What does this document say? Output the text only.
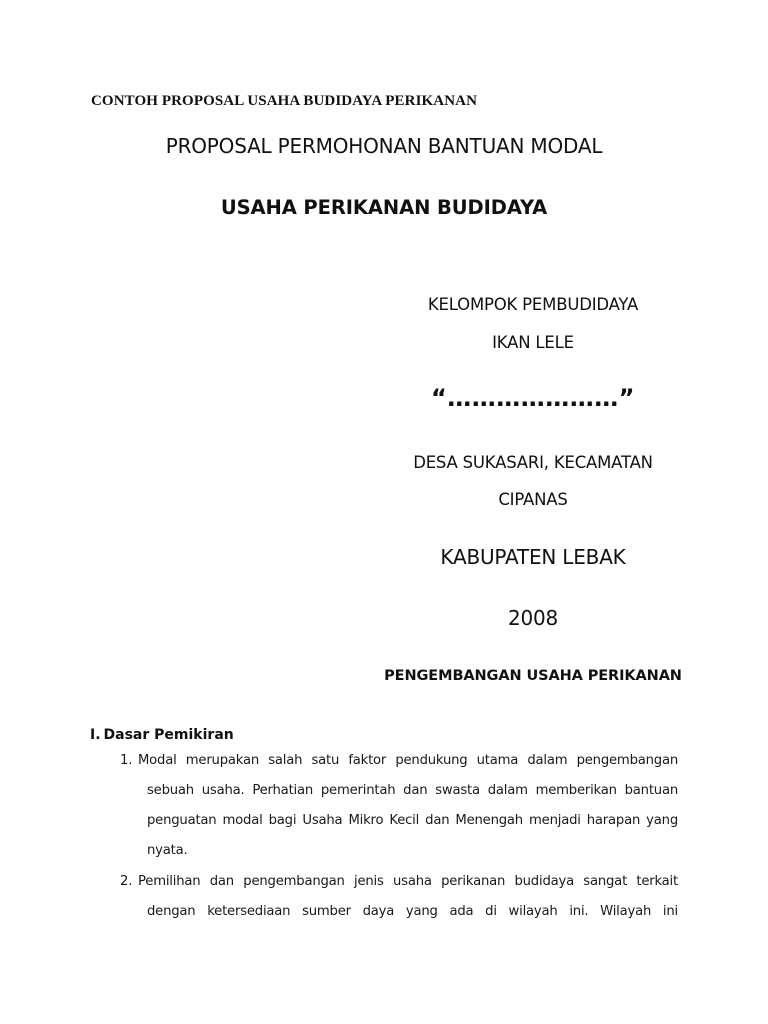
CONTOH PROPOSAL USAHA BUDIDAYA PERIKANAN
PROPOSAL PERMOHONAN BANTUAN MODAL
USAHA PERIKANAN BUDIDAYA
KELOMPOK PEMBUDIDAYA
IKAN LELE
“…………………”
DESA SUKASARI, KECAMATAN
CIPANAS
KABUPATEN LEBAK
2008
PENGEMBANGAN USAHA PERIKANAN
I. Dasar Pemikiran
1. Modal merupakan salah satu faktor pendukung utama dalam pengembangan
sebuah usaha. Perhatian pemerintah dan swasta dalam memberikan bantuan
penguatan modal bagi Usaha Mikro Kecil dan Menengah menjadi harapan yang
nyata.
2. Pemilihan dan pengembangan jenis usaha perikanan budidaya sangat terkait
dengan ketersediaan sumber daya yang ada di wilayah ini. Wilayah ini
